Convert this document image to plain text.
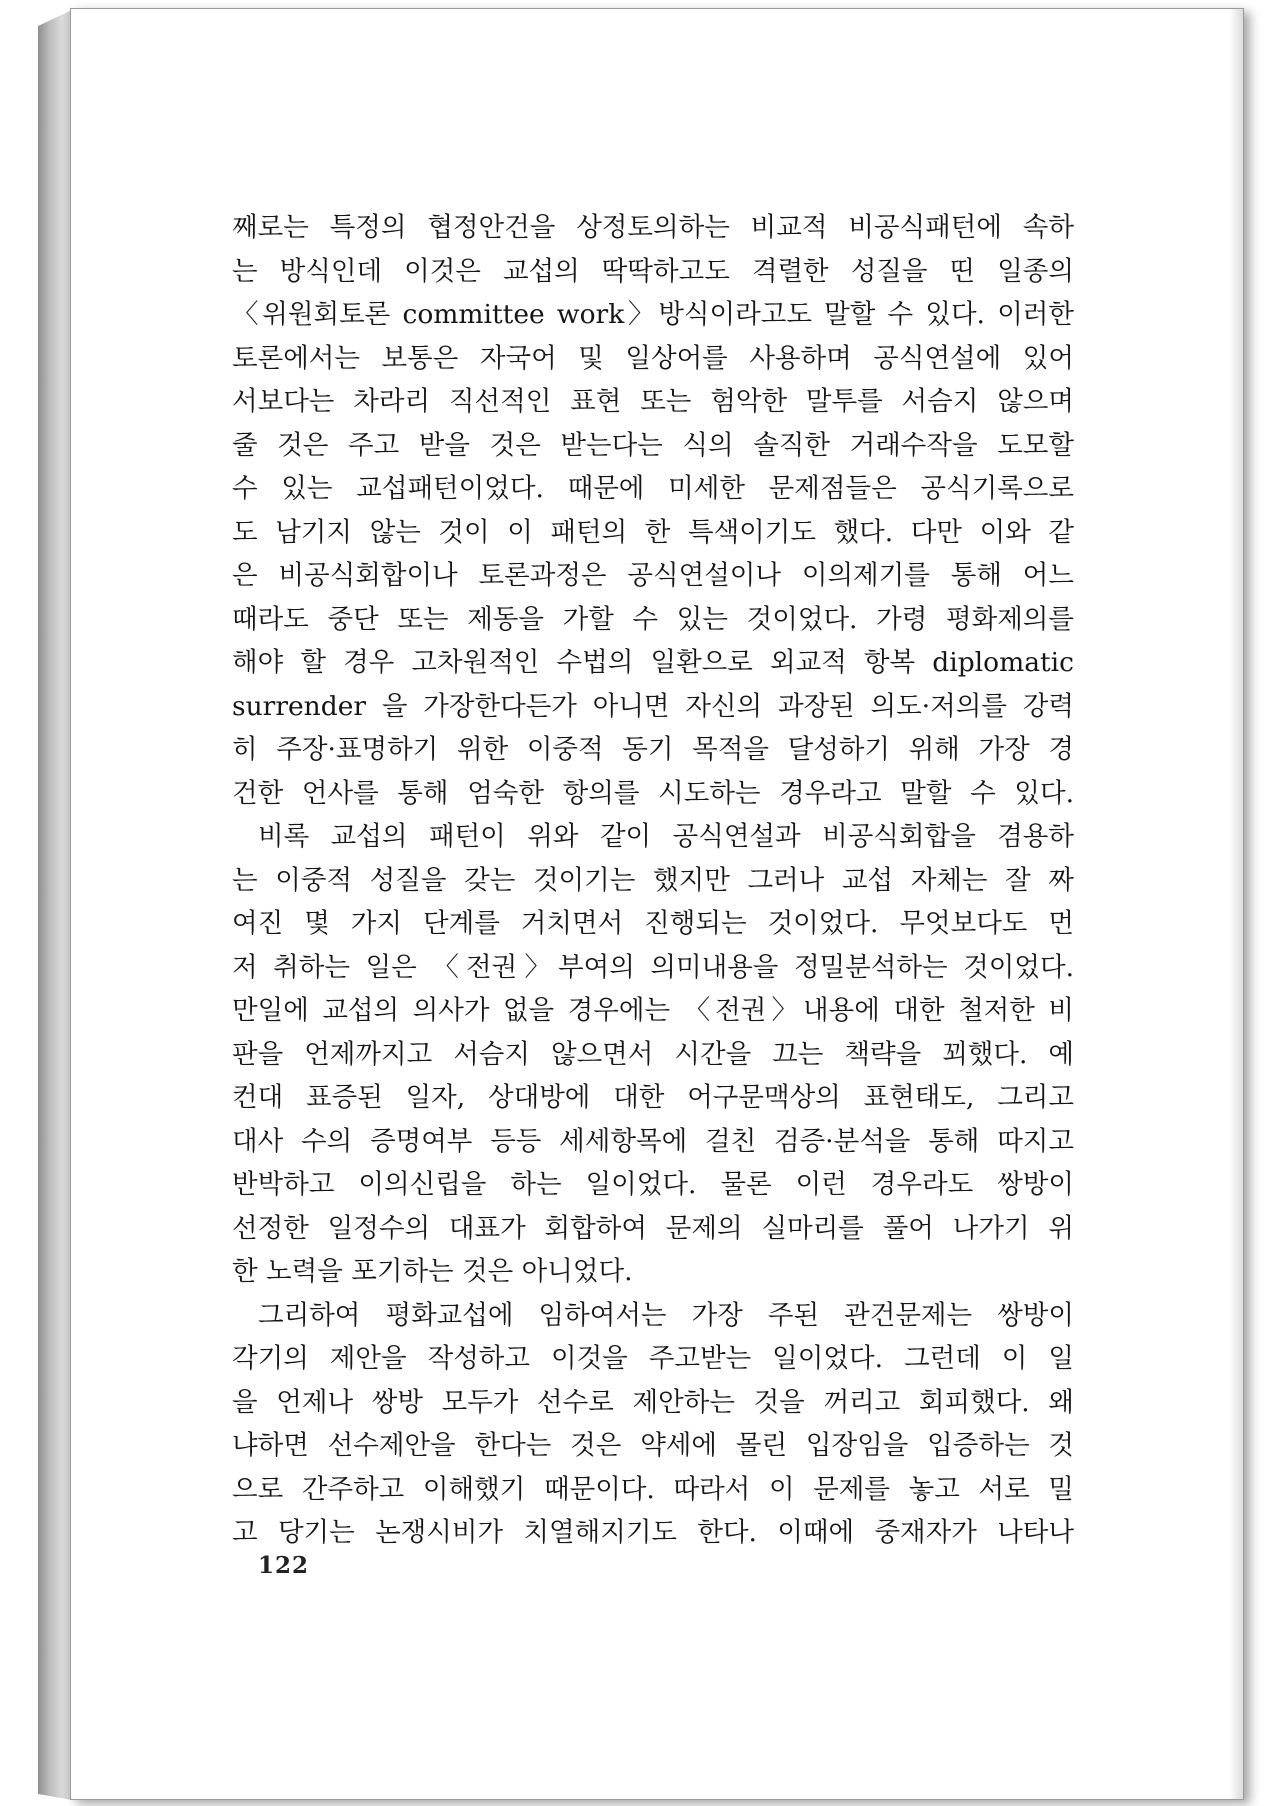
째로는 특정의 협정안건을 상정토의하는 비교적 비공식패턴에 속하
는 방식인데 이것은 교섭의 딱딱하고도 격렬한 성질을 띤 일종의
〈위원회토론 committee work〉방식이라고도 말할 수 있다. 이러한
토론에서는 보통은 자국어 및 일상어를 사용하며 공식연설에 있어
서보다는 차라리 직선적인 표현 또는 험악한 말투를 서슴지 않으며
줄 것은 주고 받을 것은 받는다는 식의 솔직한 거래수작을 도모할
수 있는 교섭패턴이었다. 때문에 미세한 문제점들은 공식기록으로
도 남기지 않는 것이 이 패턴의 한 특색이기도 했다. 다만 이와 같
은 비공식회합이나 토론과정은 공식연설이나 이의제기를 통해 어느
때라도 중단 또는 제동을 가할 수 있는 것이었다. 가령 평화제의를
해야 할 경우 고차원적인 수법의 일환으로 외교적 항복 diplomatic
surrender 을 가장한다든가 아니면 자신의 과장된 의도·저의를 강력
히 주장·표명하기 위한 이중적 동기 목적을 달성하기 위해 가장 경
건한 언사를 통해 엄숙한 항의를 시도하는 경우라고 말할 수 있다.
비록 교섭의 패턴이 위와 같이 공식연설과 비공식회합을 겸용하
는 이중적 성질을 갖는 것이기는 했지만 그러나 교섭 자체는 잘 짜
여진 몇 가지 단계를 거치면서 진행되는 것이었다. 무엇보다도 먼
저 취하는 일은 〈전권〉부여의 의미내용을 정밀분석하는 것이었다.
만일에 교섭의 의사가 없을 경우에는 〈전권〉내용에 대한 철저한 비
판을 언제까지고 서슴지 않으면서 시간을 끄는 책략을 꾀했다. 예
컨대 표증된 일자, 상대방에 대한 어구문맥상의 표현태도, 그리고
대사 수의 증명여부 등등 세세항목에 걸친 검증·분석을 통해 따지고
반박하고 이의신립을 하는 일이었다. 물론 이런 경우라도 쌍방이
선정한 일정수의 대표가 회합하여 문제의 실마리를 풀어 나가기 위
한 노력을 포기하는 것은 아니었다.
그리하여 평화교섭에 임하여서는 가장 주된 관건문제는 쌍방이
각기의 제안을 작성하고 이것을 주고받는 일이었다. 그런데 이 일
을 언제나 쌍방 모두가 선수로 제안하는 것을 꺼리고 회피했다. 왜
냐하면 선수제안을 한다는 것은 약세에 몰린 입장임을 입증하는 것
으로 간주하고 이해했기 때문이다. 따라서 이 문제를 놓고 서로 밀
고 당기는 논쟁시비가 치열해지기도 한다. 이때에 중재자가 나타나
122
